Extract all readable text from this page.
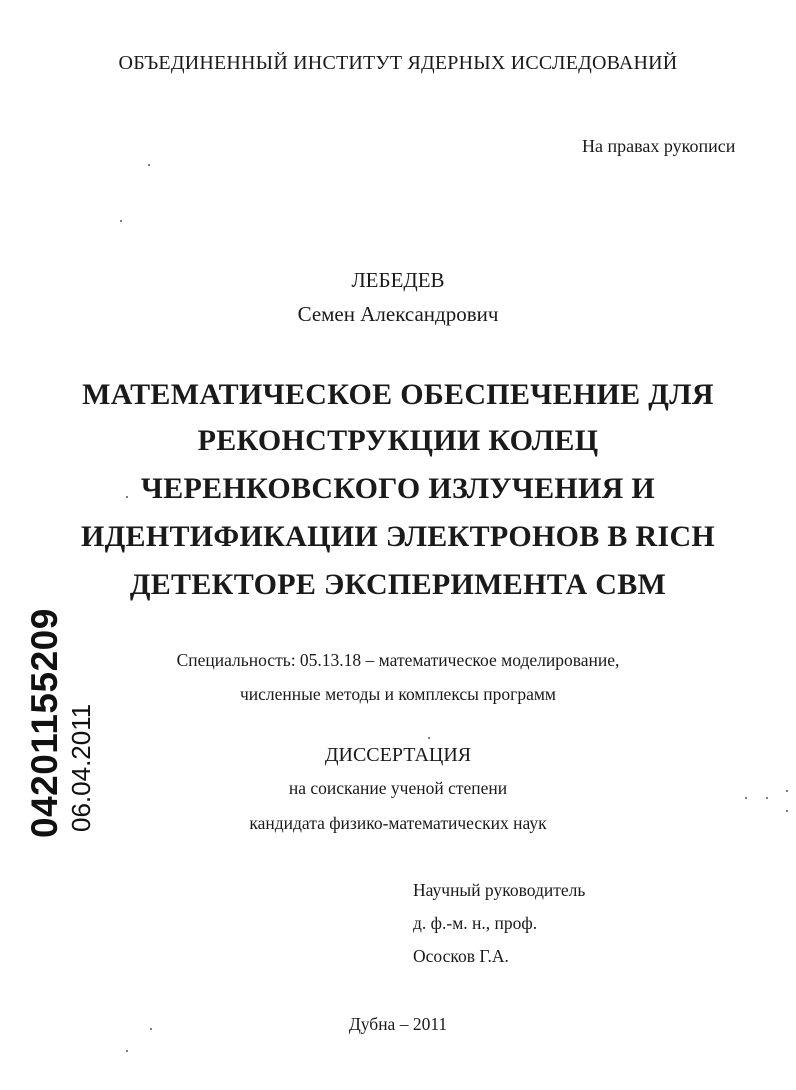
ОБЪЕДИНЕННЫЙ ИНСТИТУТ ЯДЕРНЫХ ИССЛЕДОВАНИЙ
На правах рукописи
ЛЕБЕДЕВ
Семен Александрович
МАТЕМАТИЧЕСКОЕ ОБЕСПЕЧЕНИЕ ДЛЯ
РЕКОНСТРУКЦИИ КОЛЕЦ
ЧЕРЕНКОВСКОГО ИЗЛУЧЕНИЯ И
ИДЕНТИФИКАЦИИ ЭЛЕКТРОНОВ В RICH
ДЕТЕКТОРЕ ЭКСПЕРИМЕНТА CBM
Специальность: 05.13.18 – математическое моделирование,
численные методы и комплексы программ
ДИССЕРТАЦИЯ
на соискание ученой степени
кандидата физико-математических наук
Научный руководитель
д. ф.-м. н., проф.
Ососков Г.А.
Дубна – 2011
04201155209 06.04.2011
